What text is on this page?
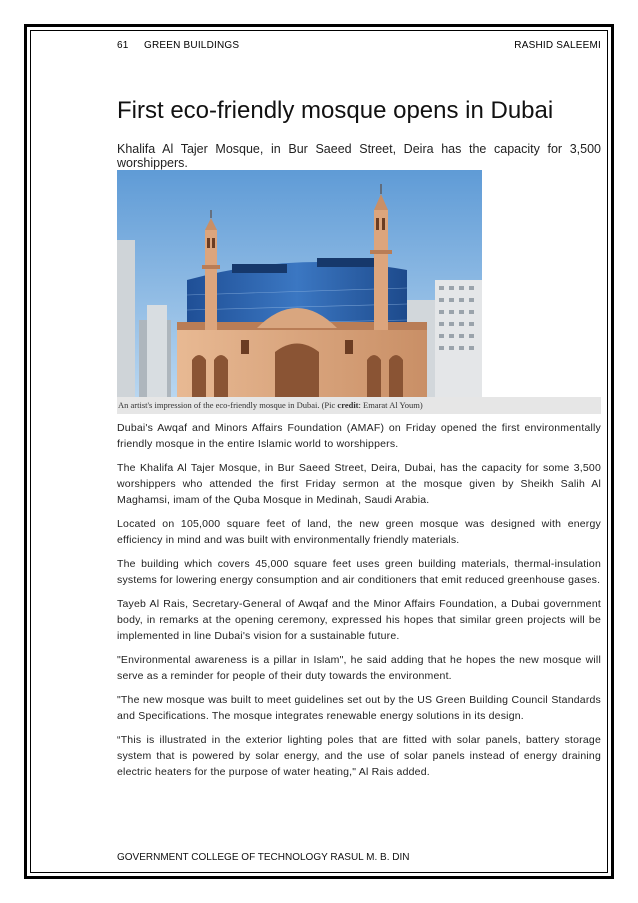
61 GREEN BUILDINGS	RASHID SALEEMI
First eco-friendly mosque opens in Dubai
Khalifa Al Tajer Mosque, in Bur Saeed Street, Deira has the capacity for 3,500 worshippers.
An artist's impression of the eco-friendly mosque in Dubai. (Pic credit: Emarat Al Youm)

Dubai's Awqaf and Minors Affairs Foundation (AMAF) on Friday opened the first environmentally friendly mosque in the entire Islamic world to worshippers.

The Khalifa Al Tajer Mosque, in Bur Saeed Street, Deira, Dubai, has the capacity for some 3,500 worshippers who attended the first Friday sermon at the mosque given by Sheikh Salih Al Maghamsi, imam of the Quba Mosque in Medinah, Saudi Arabia.

Located on 105,000 square feet of land, the new green mosque was designed with energy efficiency in mind and was built with environmentally friendly materials.

The building which covers 45,000 square feet uses green building materials, thermal-insulation systems for lowering energy consumption and air conditioners that emit reduced greenhouse gases.

Tayeb Al Rais, Secretary-General of Awqaf and the Minor Affairs Foundation, a Dubai government body, in remarks at the opening ceremony, expressed his hopes that similar green projects will be implemented in line Dubai's vision for a sustainable future.

"Environmental awareness is a pillar in Islam", he said adding that he hopes the new mosque will serve as a reminder for people of their duty towards the environment.

"The new mosque was built to meet guidelines set out by the US Green Building Council Standards and Specifications. The mosque integrates renewable energy solutions in its design.

“This is illustrated in the exterior lighting poles that are fitted with solar panels, battery storage system that is powered by solar energy, and the use of solar panels instead of energy draining electric heaters for the purpose of water heating," Al Rais added.

GOVERNMENT COLLEGE OF TECHNOLOGY RASUL M. B. DIN
